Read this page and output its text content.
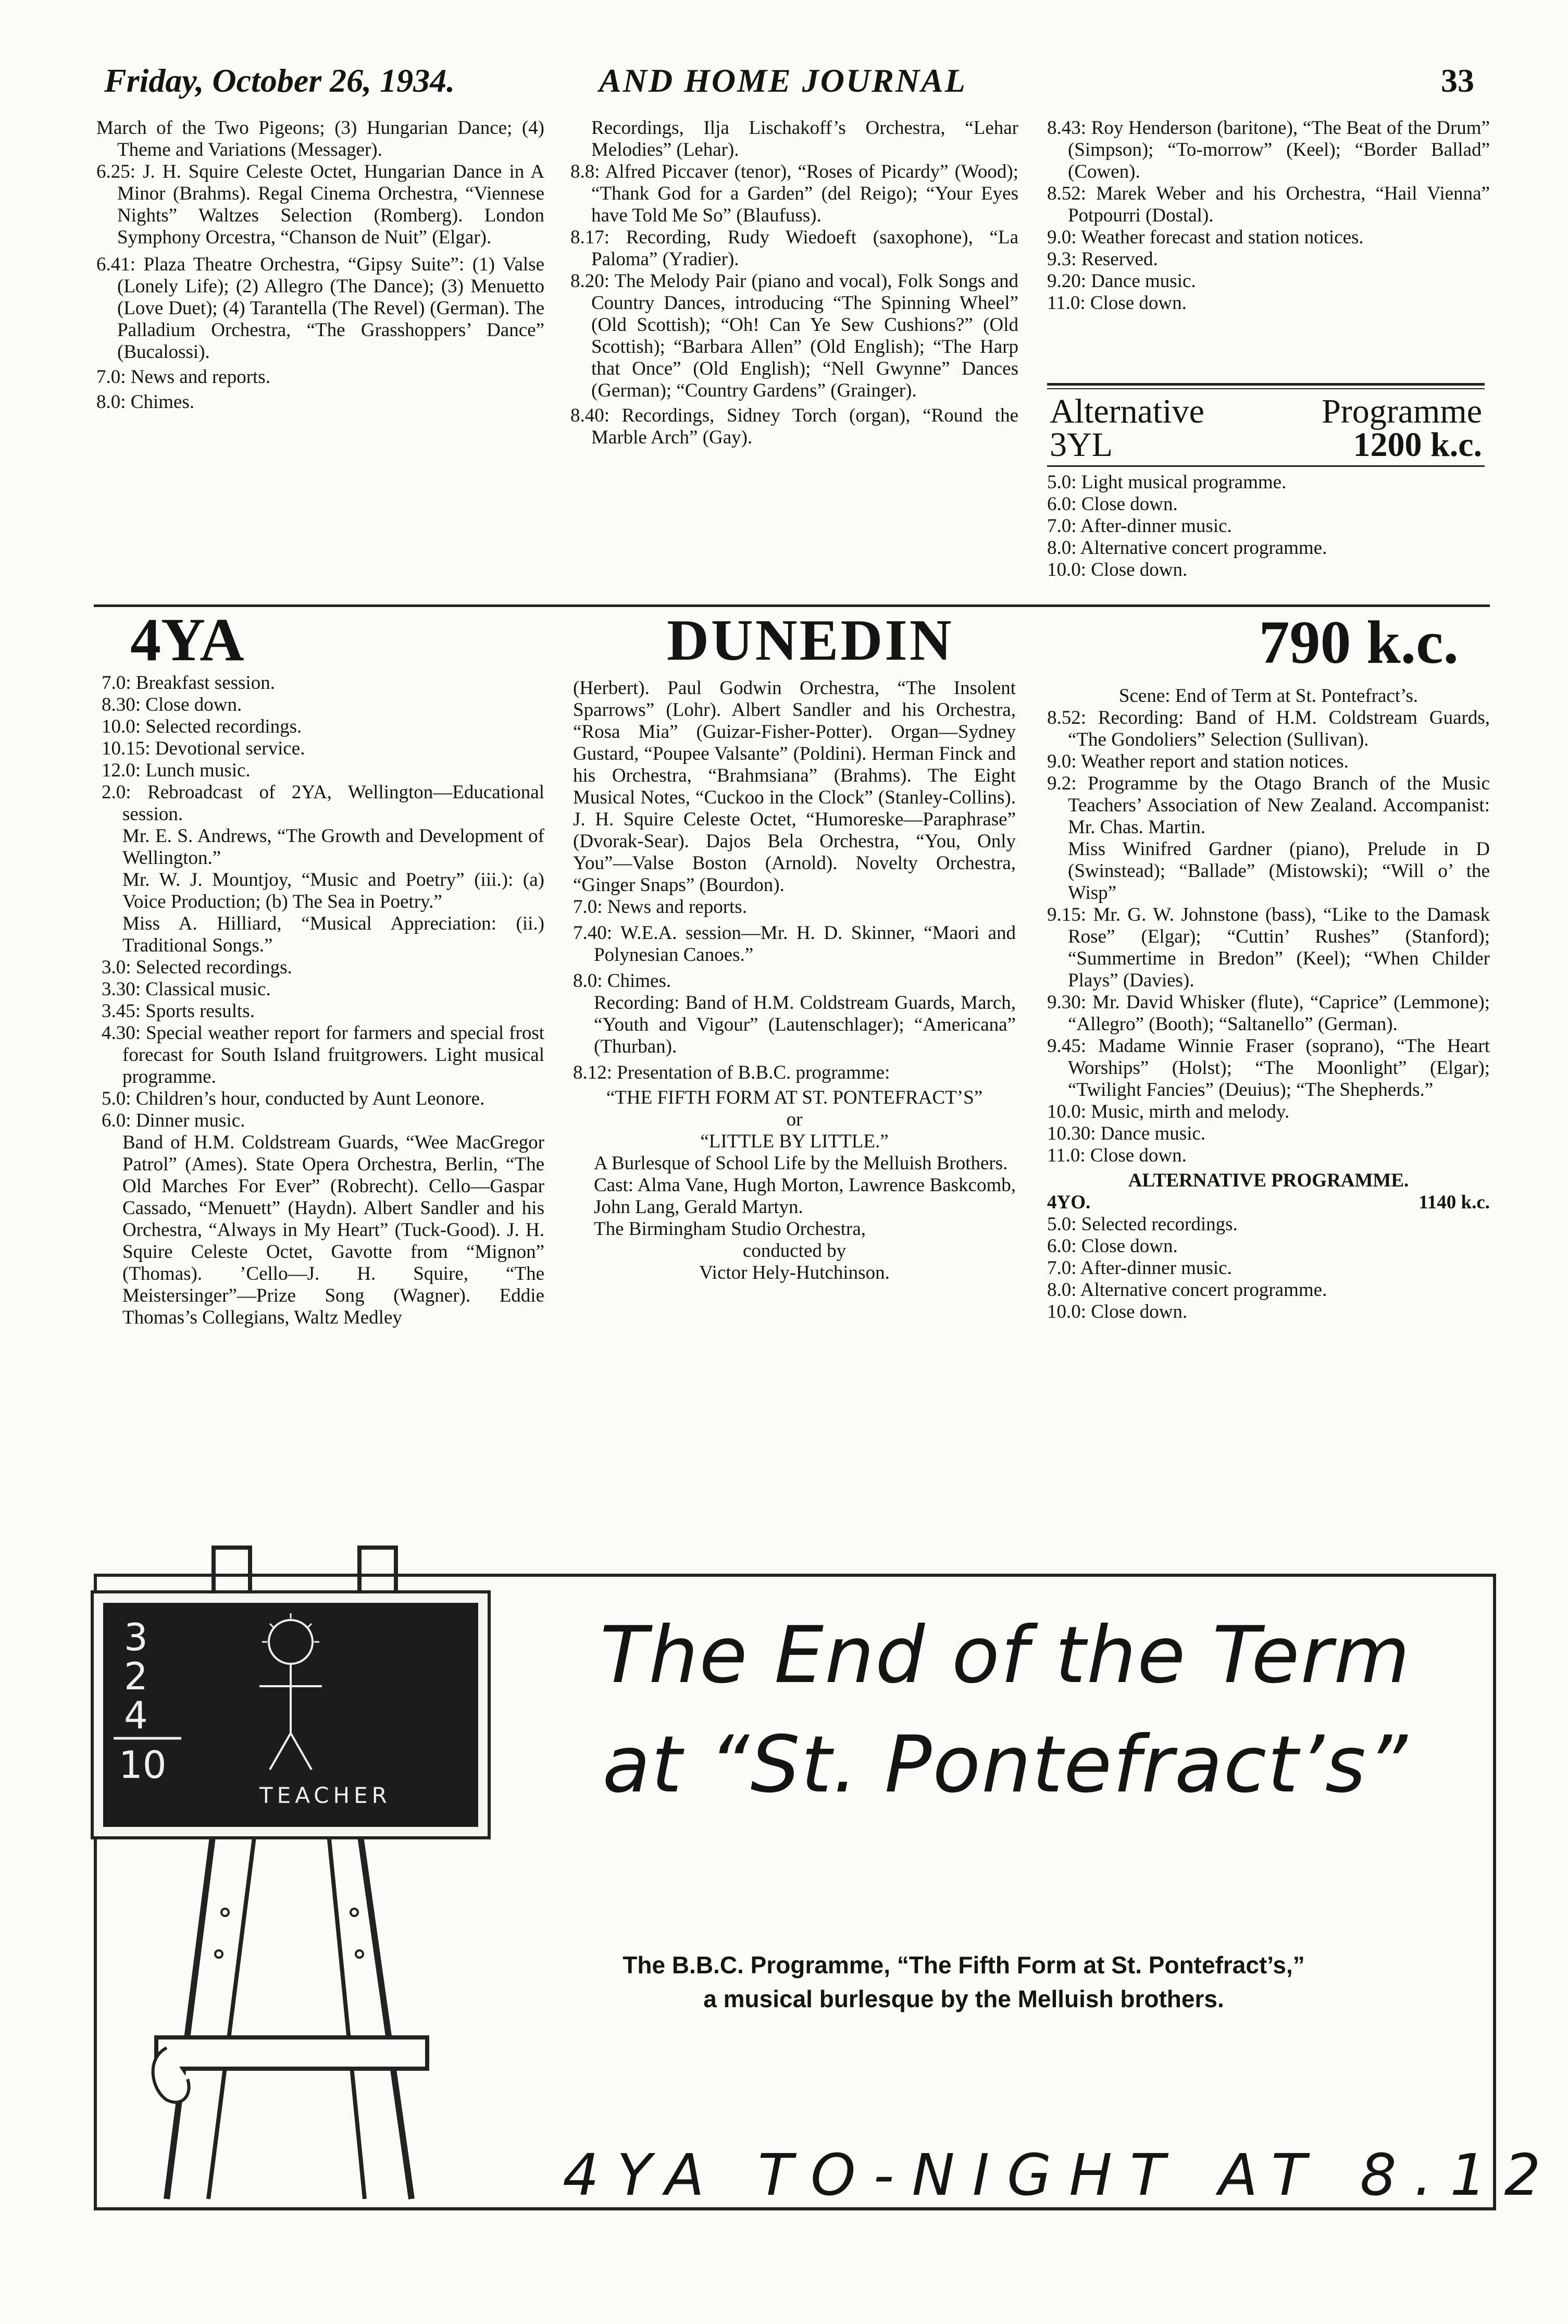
Friday, October 26, 1934.	AND HOME JOURNAL	33

March of the Two Pigeons; (3) Hungarian Dance; (4) Theme and Variations (Messager).

6.25: J. H. Squire Celeste Octet, Hungarian Dance in A Minor (Brahms). Regal Cinema Orchestra, “Viennese Nights” Waltzes Selection (Romberg). London Symphony Orcestra, “Chanson de Nuit” (Elgar).

6.41: Plaza Theatre Orchestra, “Gipsy Suite”: (1) Valse (Lonely Life); (2) Allegro (The Dance); (3) Menuetto (Love Duet); (4) Tarantella (The Revel) (German). The Palladium Orchestra, “The Grasshoppers’ Dance” (Bucalossi).

7.0: News and reports.

8.0: Chimes.

Recordings, Ilja Lischakoff’s Orchestra, “Lehar Melodies” (Lehar).

8.8: Alfred Piccaver (tenor), “Roses of Picardy” (Wood); “Thank God for a Garden” (del Reigo); “Your Eyes have Told Me So” (Blaufuss).

8.17: Recording, Rudy Wiedoeft (saxophone), “La Paloma” (Yradier).

8.20: The Melody Pair (piano and vocal), Folk Songs and Country Dances, introducing “The Spinning Wheel” (Old Scottish); “Oh! Can Ye Sew Cushions?” (Old Scottish); “Barbara Allen” (Old English); “The Harp that Once” (Old English); “Nell Gwynne” Dances (German); “Country Gardens” (Grainger).

8.40: Recordings, Sidney Torch (organ), “Round the Marble Arch” (Gay).

8.43: Roy Henderson (baritone), “The Beat of the Drum” (Simpson); “To-morrow” (Keel); “Border Ballad” (Cowen).

8.52: Marek Weber and his Orchestra, “Hail Vienna” Potpourri (Dostal).

9.0: Weather forecast and station notices.

9.3: Reserved.

9.20: Dance music.

11.0: Close down.

Alternative	Programme
3YL	1200 k.c.

5.0: Light musical programme.

6.0: Close down.

7.0: After-dinner music.

8.0: Alternative concert programme.

10.0: Close down.

4YA	DUNEDIN	790 k.c.

7.0: Breakfast session.

8.30: Close down.

10.0: Selected recordings.

10.15: Devotional service.

12.0: Lunch music.

2.0: Rebroadcast of 2YA, Wellington—Educational session.

Mr. E. S. Andrews, “The Growth and Development of Wellington.”

Mr. W. J. Mountjoy, “Music and Poetry” (iii.): (a) Voice Production; (b) The Sea in Poetry.”

Miss A. Hilliard, “Musical Appreciation: (ii.) Traditional Songs.”

3.0: Selected recordings.

3.30: Classical music.

3.45: Sports results.

4.30: Special weather report for farmers and special frost forecast for South Island fruitgrowers. Light musical programme.

5.0: Children’s hour, conducted by Aunt Leonore.

6.0: Dinner music.

Band of H.M. Coldstream Guards, “Wee MacGregor Patrol” (Ames). State Opera Orchestra, Berlin, “The Old Marches For Ever” (Robrecht). Cello—Gaspar Cassado, “Menuett” (Haydn). Albert Sandler and his Orchestra, “Always in My Heart” (Tuck-Good). J. H. Squire Celeste Octet, Gavotte from “Mignon” (Thomas). ’Cello—J. H. Squire, “The Meistersinger”—Prize Song (Wagner). Eddie Thomas’s Collegians, Waltz Medley

(Herbert). Paul Godwin Orchestra, “The Insolent Sparrows” (Lohr). Albert Sandler and his Orchestra, “Rosa Mia” (Guizar-Fisher-Potter). Organ—Sydney Gustard, “Poupee Valsante” (Poldini). Herman Finck and his Orchestra, “Brahmsiana” (Brahms). The Eight Musical Notes, “Cuckoo in the Clock” (Stanley-Collins). J. H. Squire Celeste Octet, “Humoreske—Paraphrase” (Dvorak-Sear). Dajos Bela Orchestra, “You, Only You”—Valse Boston (Arnold). Novelty Orchestra, “Ginger Snaps” (Bourdon).

7.0: News and reports.

7.40: W.E.A. session—Mr. H. D. Skinner, “Maori and Polynesian Canoes.”

8.0: Chimes.

Recording: Band of H.M. Coldstream Guards, March, “Youth and Vigour” (Lautenschlager); “Americana” (Thurban).

8.12: Presentation of B.B.C. programme:

“THE FIFTH FORM AT ST. PONTEFRACT’S”

or

“LITTLE BY LITTLE.”

A Burlesque of School Life by the Melluish Brothers.

Cast: Alma Vane, Hugh Morton, Lawrence Baskcomb, John Lang, Gerald Martyn.

The Birmingham Studio Orchestra,

conducted by

Victor Hely-Hutchinson.

Scene: End of Term at St. Pontefract’s.

8.52: Recording: Band of H.M. Coldstream Guards, “The Gondoliers” Selection (Sullivan).

9.0: Weather report and station notices.

9.2: Programme by the Otago Branch of the Music Teachers’ Association of New Zealand. Accompanist: Mr. Chas. Martin.

Miss Winifred Gardner (piano), Prelude in D (Swinstead); “Ballade” (Mistowski); “Will o’ the Wisp”

9.15: Mr. G. W. Johnstone (bass), “Like to the Damask Rose” (Elgar); “Cuttin’ Rushes” (Stanford); “Summertime in Bredon” (Keel); “When Childer Plays” (Davies).

9.30: Mr. David Whisker (flute), “Caprice” (Lemmone); “Allegro” (Booth); “Saltanello” (German).

9.45: Madame Winnie Fraser (soprano), “The Heart Worships” (Holst); “The Moonlight” (Elgar); “Twilight Fancies” (Deuius); “The Shepherds.”

10.0: Music, mirth and melody.

10.30: Dance music.

11.0: Close down.

ALTERNATIVE PROGRAMME.

4YO.	1140 k.c.

5.0: Selected recordings.

6.0: Close down.

7.0: After-dinner music.

8.0: Alternative concert programme.

10.0: Close down.

3
2
4
10
TEACHER
The End of the Term
at “St. Pontefract’s”
The B.B.C. Programme, “The Fifth Form at St. Pontefract’s,”
a musical burlesque by the Melluish brothers.
4YA TO-NIGHT AT 8.12
